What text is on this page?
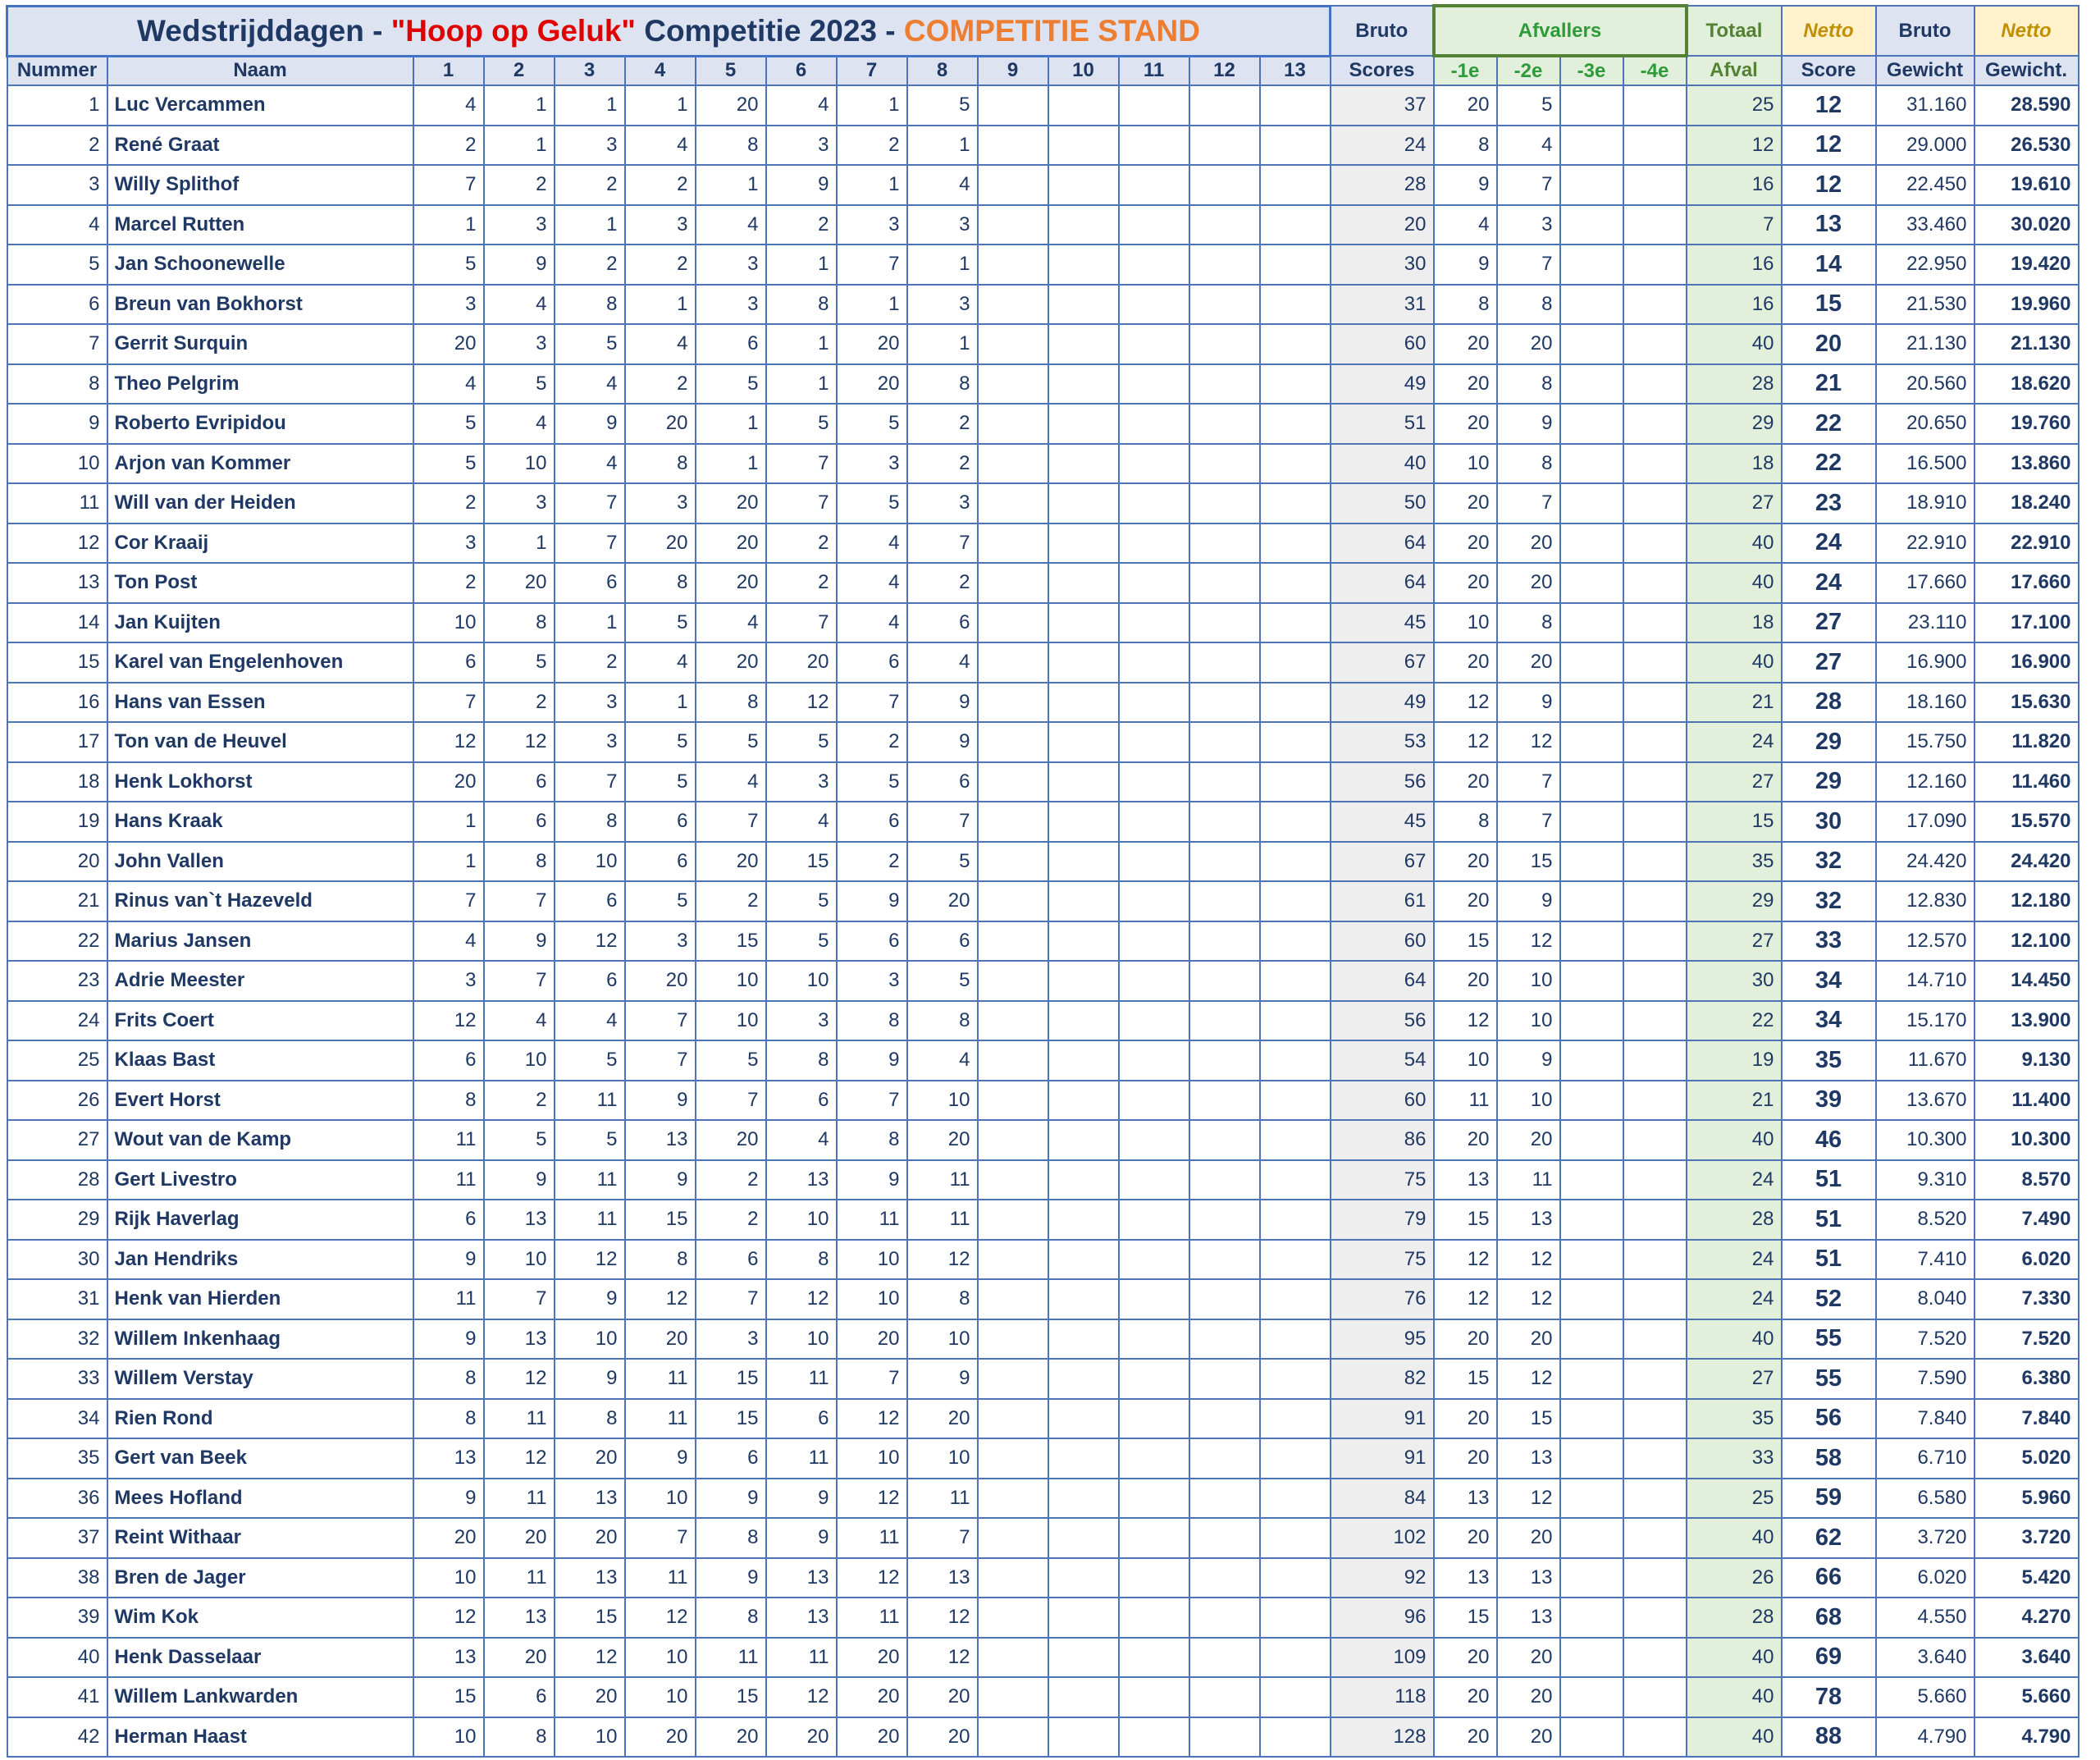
Wedstrijddagen - "Hoop op Geluk" Competitie 2023 - COMPETITIE STAND															Bruto	Afvallers				Totaal	Netto	Bruto	Netto
Nummer	Naam	1	2	3	4	5	6	7	8	9	10	11	12	13	Scores	-1e	-2e	-3e	-4e	Afval	Score	Gewicht	Gewicht.
1	Luc Vercammen	4	1	1	1	20	4	1	5						37	20	5			25	12	31.160	28.590
2	René Graat	2	1	3	4	8	3	2	1						24	8	4			12	12	29.000	26.530
3	Willy Splithof	7	2	2	2	1	9	1	4						28	9	7			16	12	22.450	19.610
4	Marcel Rutten	1	3	1	3	4	2	3	3						20	4	3			7	13	33.460	30.020
5	Jan Schoonewelle	5	9	2	2	3	1	7	1						30	9	7			16	14	22.950	19.420
6	Breun van Bokhorst	3	4	8	1	3	8	1	3						31	8	8			16	15	21.530	19.960
7	Gerrit Surquin	20	3	5	4	6	1	20	1						60	20	20			40	20	21.130	21.130
8	Theo Pelgrim	4	5	4	2	5	1	20	8						49	20	8			28	21	20.560	18.620
9	Roberto Evripidou	5	4	9	20	1	5	5	2						51	20	9			29	22	20.650	19.760
10	Arjon van Kommer	5	10	4	8	1	7	3	2						40	10	8			18	22	16.500	13.860
11	Will van der Heiden	2	3	7	3	20	7	5	3						50	20	7			27	23	18.910	18.240
12	Cor Kraaij	3	1	7	20	20	2	4	7						64	20	20			40	24	22.910	22.910
13	Ton Post	2	20	6	8	20	2	4	2						64	20	20			40	24	17.660	17.660
14	Jan Kuijten	10	8	1	5	4	7	4	6						45	10	8			18	27	23.110	17.100
15	Karel van Engelenhoven	6	5	2	4	20	20	6	4						67	20	20			40	27	16.900	16.900
16	Hans van Essen	7	2	3	1	8	12	7	9						49	12	9			21	28	18.160	15.630
17	Ton van de Heuvel	12	12	3	5	5	5	2	9						53	12	12			24	29	15.750	11.820
18	Henk Lokhorst	20	6	7	5	4	3	5	6						56	20	7			27	29	12.160	11.460
19	Hans Kraak	1	6	8	6	7	4	6	7						45	8	7			15	30	17.090	15.570
20	John Vallen	1	8	10	6	20	15	2	5						67	20	15			35	32	24.420	24.420
21	Rinus van`t Hazeveld	7	7	6	5	2	5	9	20						61	20	9			29	32	12.830	12.180
22	Marius Jansen	4	9	12	3	15	5	6	6						60	15	12			27	33	12.570	12.100
23	Adrie Meester	3	7	6	20	10	10	3	5						64	20	10			30	34	14.710	14.450
24	Frits Coert	12	4	4	7	10	3	8	8						56	12	10			22	34	15.170	13.900
25	Klaas Bast	6	10	5	7	5	8	9	4						54	10	9			19	35	11.670	9.130
26	Evert Horst	8	2	11	9	7	6	7	10						60	11	10			21	39	13.670	11.400
27	Wout van de Kamp	11	5	5	13	20	4	8	20						86	20	20			40	46	10.300	10.300
28	Gert Livestro	11	9	11	9	2	13	9	11						75	13	11			24	51	9.310	8.570
29	Rijk Haverlag	6	13	11	15	2	10	11	11						79	15	13			28	51	8.520	7.490
30	Jan Hendriks	9	10	12	8	6	8	10	12						75	12	12			24	51	7.410	6.020
31	Henk van Hierden	11	7	9	12	7	12	10	8						76	12	12			24	52	8.040	7.330
32	Willem Inkenhaag	9	13	10	20	3	10	20	10						95	20	20			40	55	7.520	7.520
33	Willem Verstay	8	12	9	11	15	11	7	9						82	15	12			27	55	7.590	6.380
34	Rien Rond	8	11	8	11	15	6	12	20						91	20	15			35	56	7.840	7.840
35	Gert van Beek	13	12	20	9	6	11	10	10						91	20	13			33	58	6.710	5.020
36	Mees Hofland	9	11	13	10	9	9	12	11						84	13	12			25	59	6.580	5.960
37	Reint Withaar	20	20	20	7	8	9	11	7						102	20	20			40	62	3.720	3.720
38	Bren de Jager	10	11	13	11	9	13	12	13						92	13	13			26	66	6.020	5.420
39	Wim Kok	12	13	15	12	8	13	11	12						96	15	13			28	68	4.550	4.270
40	Henk Dasselaar	13	20	12	10	11	11	20	12						109	20	20			40	69	3.640	3.640
41	Willem Lankwarden	15	6	20	10	15	12	20	20						118	20	20			40	78	5.660	5.660
42	Herman Haast	10	8	10	20	20	20	20	20						128	20	20			40	88	4.790	4.790
